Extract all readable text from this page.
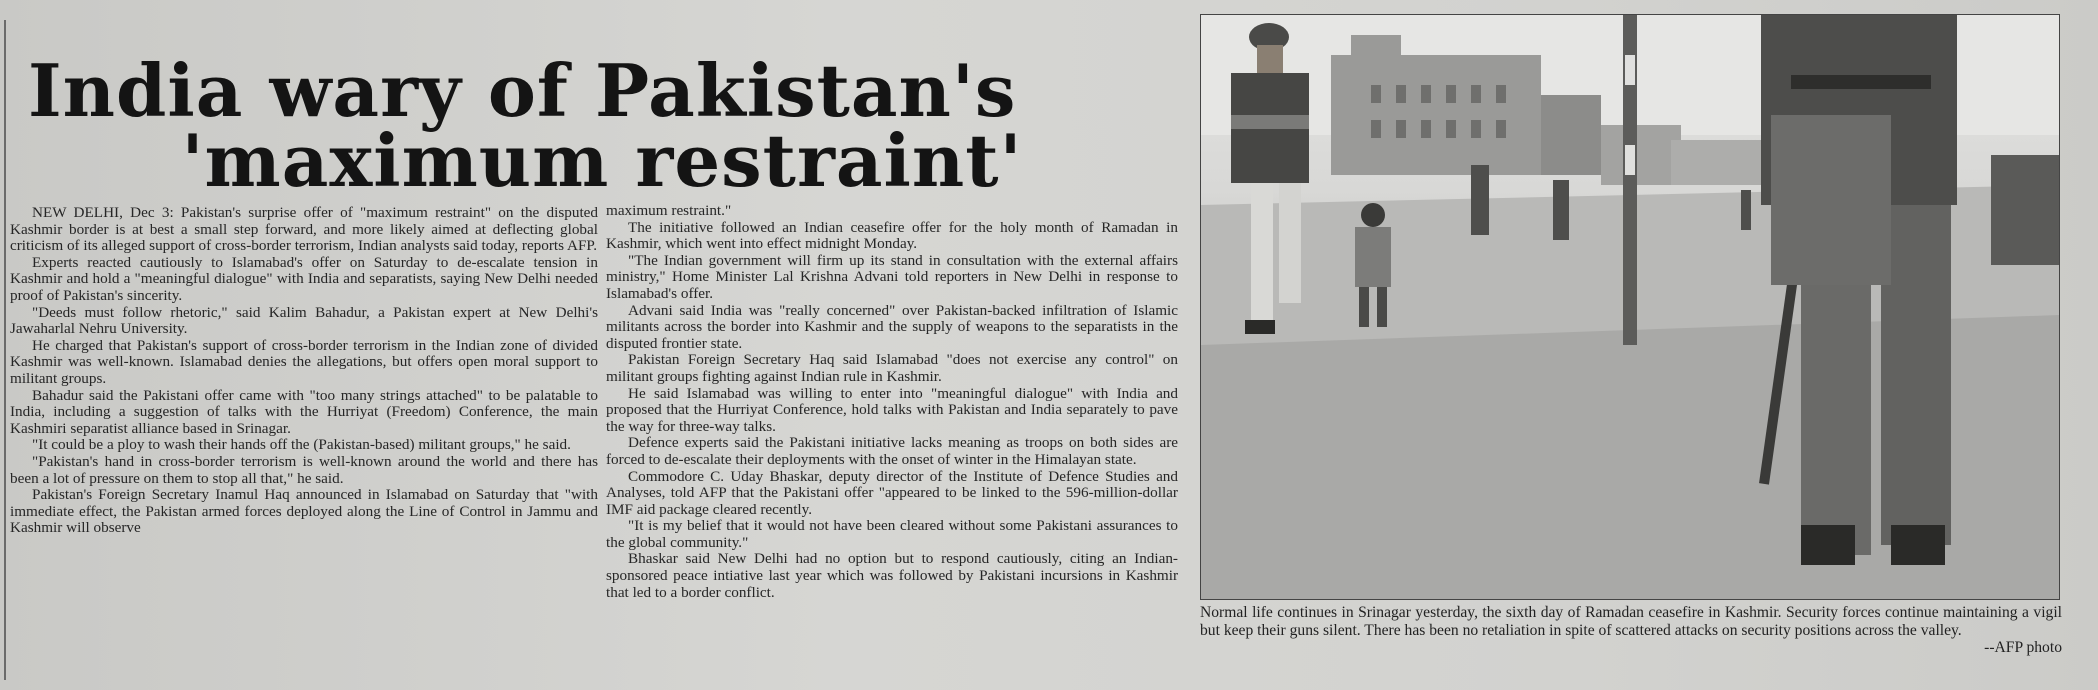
India wary of Pakistan's
'maximum restraint'

NEW DELHI, Dec 3: Pakistan's surprise offer of "maximum restraint" on the disputed Kashmir border is at best a small step forward, and more likely aimed at deflecting global criticism of its alleged support of cross-border terrorism, Indian analysts said today, reports AFP.

Experts reacted cautiously to Islamabad's offer on Saturday to de-escalate tension in Kashmir and hold a "meaningful dialogue" with India and separatists, saying New Delhi needed proof of Pakistan's sincerity.

"Deeds must follow rhetoric," said Kalim Bahadur, a Pakistan expert at New Delhi's Jawaharlal Nehru University.

He charged that Pakistan's support of cross-border terrorism in the Indian zone of divided Kashmir was well-known. Islamabad denies the allegations, but offers open moral support to militant groups.

Bahadur said the Pakistani offer came with "too many strings attached" to be palatable to India, including a suggestion of talks with the Hurriyat (Freedom) Conference, the main Kashmiri separatist alliance based in Srinagar.

"It could be a ploy to wash their hands off the (Pakistan-based) militant groups," he said.

"Pakistan's hand in cross-border terrorism is well-known around the world and there has been a lot of pressure on them to stop all that," he said.

Pakistan's Foreign Secretary Inamul Haq announced in Islamabad on Saturday that "with immediate effect, the Pakistan armed forces deployed along the Line of Control in Jammu and Kashmir will observe

maximum restraint."

The initiative followed an Indian ceasefire offer for the holy month of Ramadan in Kashmir, which went into effect midnight Monday.

"The Indian government will firm up its stand in consultation with the external affairs ministry," Home Minister Lal Krishna Advani told reporters in New Delhi in response to Islamabad's offer.

Advani said India was "really concerned" over Pakistan-backed infiltration of Islamic militants across the border into Kashmir and the supply of weapons to the separatists in the disputed frontier state.

Pakistan Foreign Secretary Haq said Islamabad "does not exercise any control" on militant groups fighting against Indian rule in Kashmir.

He said Islamabad was willing to enter into "meaningful dialogue" with India and proposed that the Hurriyat Conference, hold talks with Pakistan and India separately to pave the way for three-way talks.

Defence experts said the Pakistani initiative lacks meaning as troops on both sides are forced to de-escalate their deployments with the onset of winter in the Himalayan state.

Commodore C. Uday Bhaskar, deputy director of the Institute of Defence Studies and Analyses, told AFP that the Pakistani offer "appeared to be linked to the 596-million-dollar IMF aid package cleared recently.

"It is my belief that it would not have been cleared without some Pakistani assurances to the global community."

Bhaskar said New Delhi had no option but to respond cautiously, citing an Indian-sponsored peace intiative last year which was followed by Pakistani incursions in Kashmir that led to a border conflict.

Normal life continues in Srinagar yesterday, the sixth day of Ramadan ceasefire in Kashmir. Security forces continue maintaining a vigil but keep their guns silent. There has been no retaliation in spite of scattered attacks on security positions across the valley.
--AFP photo
